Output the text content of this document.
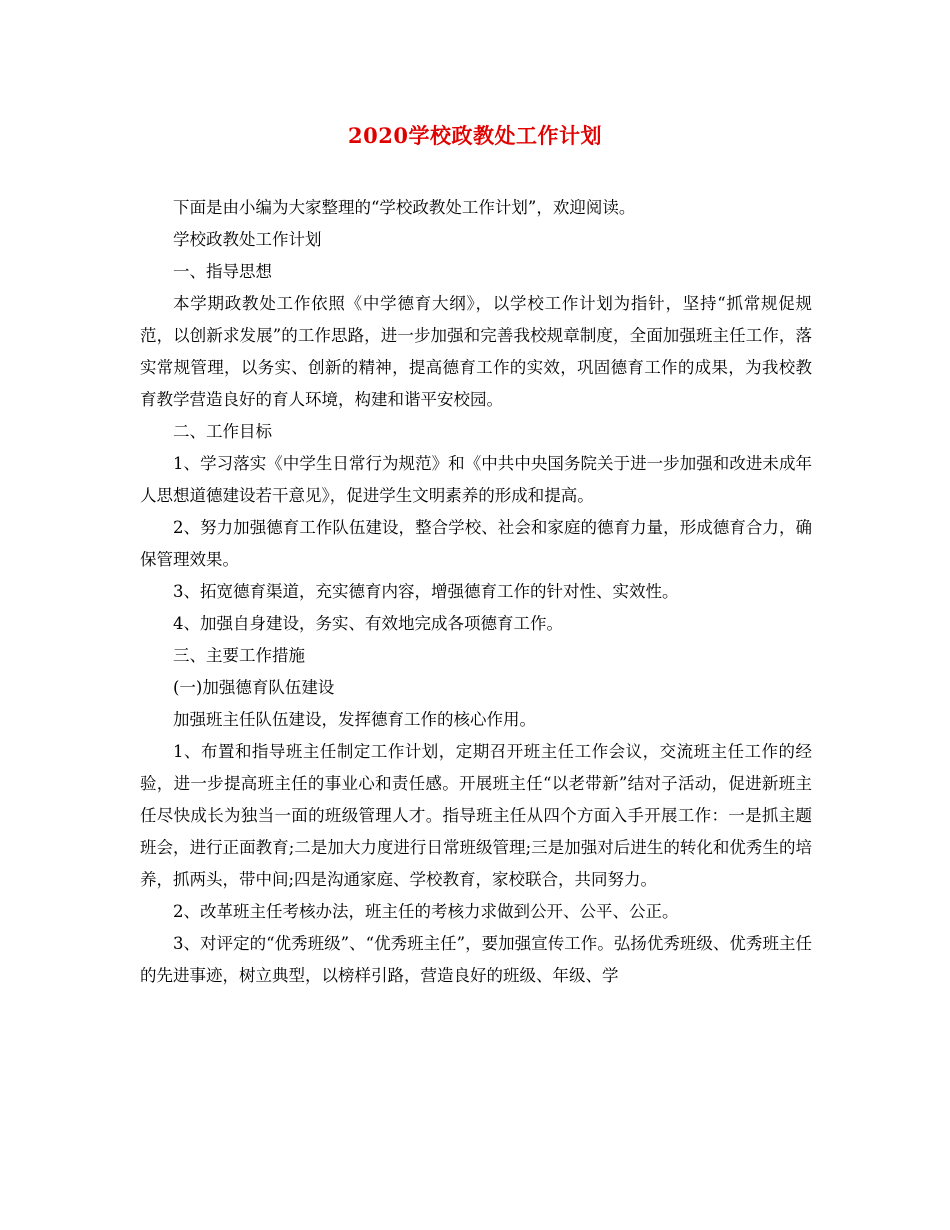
2020学校政教处工作计划

下面是由小编为大家整理的“学校政教处工作计划”，欢迎阅读。

学校政教处工作计划

一、指导思想

本学期政教处工作依照《中学德育大纲》，以学校工作计划为指针，坚持“抓常规促规范，以创新求发展”的工作思路，进一步加强和完善我校规章制度，全面加强班主任工作，落实常规管理，以务实、创新的精神，提高德育工作的实效，巩固德育工作的成果，为我校教育教学营造良好的育人环境，构建和谐平安校园。

二、工作目标

1、学习落实《中学生日常行为规范》和《中共中央国务院关于进一步加强和改进未成年人思想道德建设若干意见》，促进学生文明素养的形成和提高。

2、努力加强德育工作队伍建设，整合学校、社会和家庭的德育力量，形成德育合力，确保管理效果。

3、拓宽德育渠道，充实德育内容，增强德育工作的针对性、实效性。

4、加强自身建设，务实、有效地完成各项德育工作。

三、主要工作措施

(一)加强德育队伍建设

加强班主任队伍建设，发挥德育工作的核心作用。

1、布置和指导班主任制定工作计划，定期召开班主任工作会议，交流班主任工作的经验，进一步提高班主任的事业心和责任感。开展班主任“以老带新”结对子活动，促进新班主任尽快成长为独当一面的班级管理人才。指导班主任从四个方面入手开展工作：一是抓主题班会，进行正面教育;二是加大力度进行日常班级管理;三是加强对后进生的转化和优秀生的培养，抓两头，带中间;四是沟通家庭、学校教育，家校联合，共同努力。

2、改革班主任考核办法，班主任的考核力求做到公开、公平、公正。

3、对评定的“优秀班级”、“优秀班主任”，要加强宣传工作。弘扬优秀班级、优秀班主任的先进事迹，树立典型，以榜样引路，营造良好的班级、年级、学
